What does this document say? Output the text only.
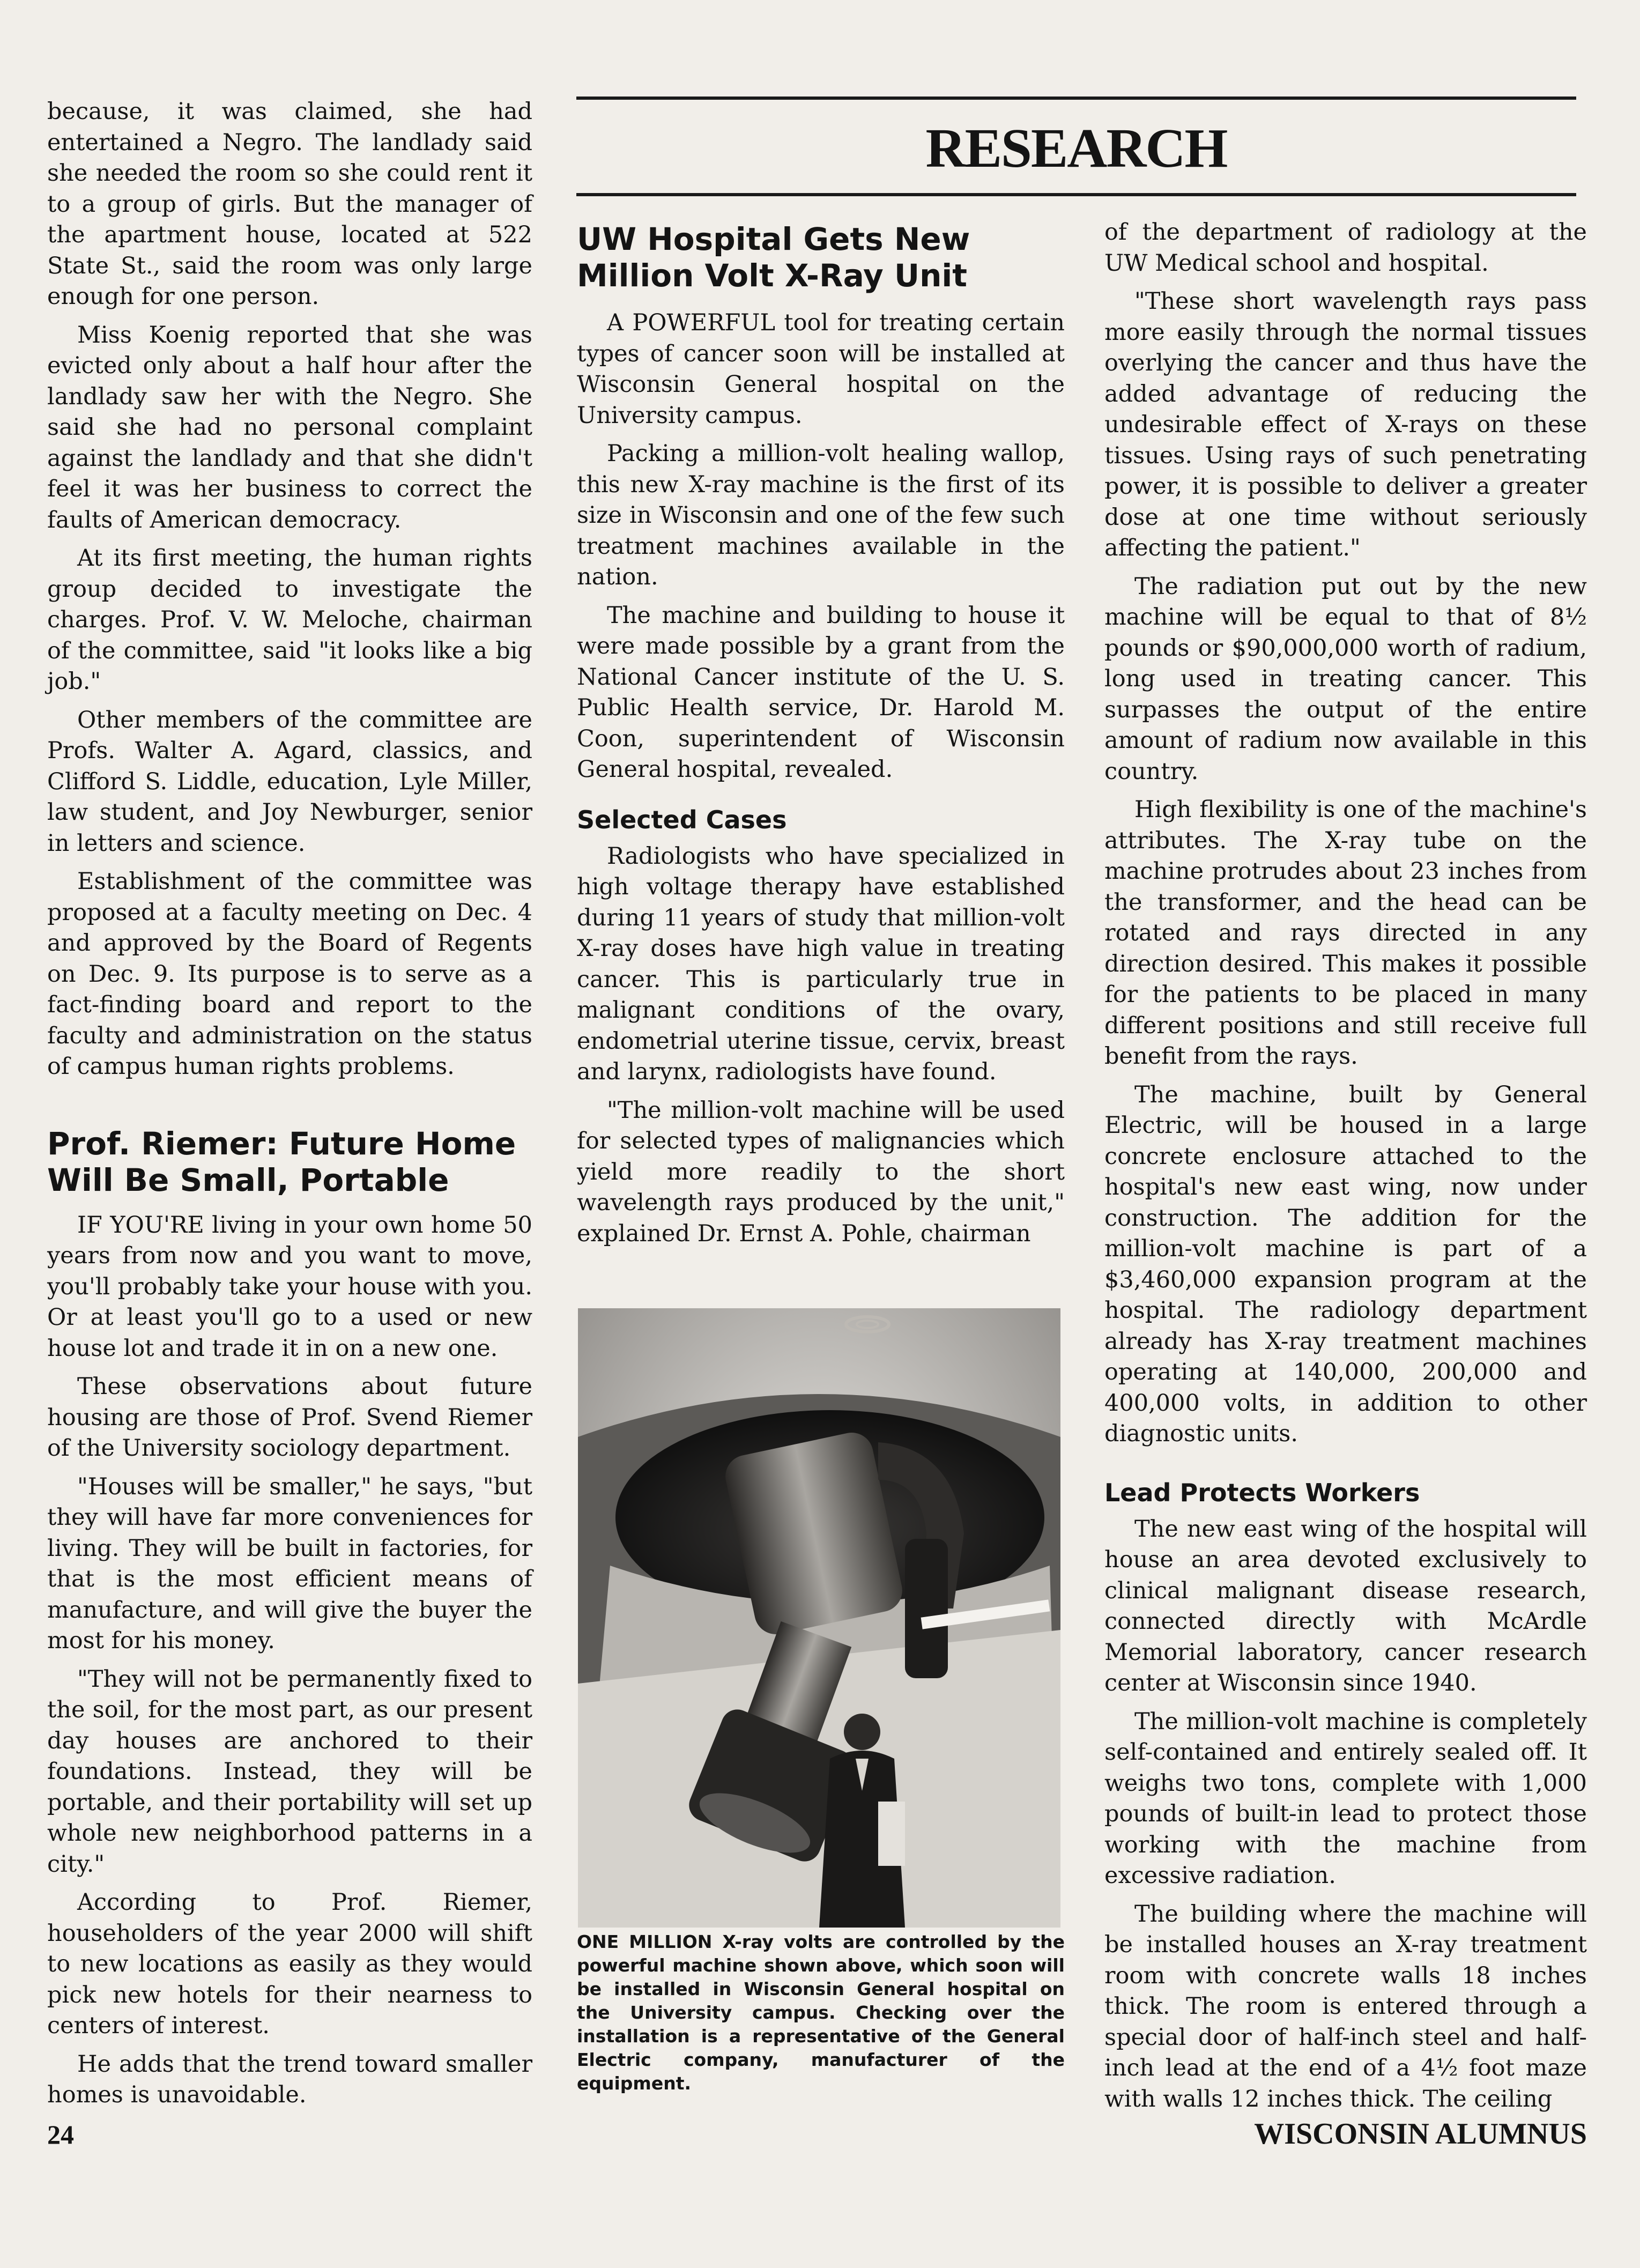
because, it was claimed, she had entertained a Negro. The landlady said she needed the room so she could rent it to a group of girls. But the manager of the apartment house, located at 522 State St., said the room was only large enough for one person.

Miss Koenig reported that she was evicted only about a half hour after the landlady saw her with the Negro. She said she had no personal complaint against the landlady and that she didn't feel it was her business to correct the faults of American democracy.

At its first meeting, the human rights group decided to investigate the charges. Prof. V. W. Meloche, chairman of the committee, said "it looks like a big job."

Other members of the committee are Profs. Walter A. Agard, classics, and Clifford S. Liddle, education, Lyle Miller, law student, and Joy Newburger, senior in letters and science.

Establishment of the committee was proposed at a faculty meeting on Dec. 4 and approved by the Board of Regents on Dec. 9. Its purpose is to serve as a fact-finding board and report to the faculty and administration on the status of campus human rights problems.

Prof. Riemer: Future Home Will Be Small, Portable

IF YOU'RE living in your own home 50 years from now and you want to move, you'll probably take your house with you. Or at least you'll go to a used or new house lot and trade it in on a new one.

These observations about future housing are those of Prof. Svend Riemer of the University sociology department.

"Houses will be smaller," he says, "but they will have far more conveniences for living. They will be built in factories, for that is the most efficient means of manufacture, and will give the buyer the most for his money.

"They will not be permanently fixed to the soil, for the most part, as our present day houses are anchored to their foundations. Instead, they will be portable, and their portability will set up whole new neighborhood patterns in a city."

According to Prof. Riemer, householders of the year 2000 will shift to new locations as easily as they would pick new hotels for their nearness to centers of interest.

He adds that the trend toward smaller homes is unavoidable.

RESEARCH
UW Hospital Gets New Million Volt X-Ray Unit

A POWERFUL tool for treating certain types of cancer soon will be installed at Wisconsin General hospital on the University campus.

Packing a million-volt healing wallop, this new X-ray machine is the first of its size in Wisconsin and one of the few such treatment machines available in the nation.

The machine and building to house it were made possible by a grant from the National Cancer institute of the U. S. Public Health service, Dr. Harold M. Coon, superintendent of Wisconsin General hospital, revealed.

Selected Cases

Radiologists who have specialized in high voltage therapy have established during 11 years of study that million-volt X-ray doses have high value in treating cancer. This is particularly true in malignant conditions of the ovary, endometrial uterine tissue, cervix, breast and larynx, radiologists have found.

"The million-volt machine will be used for selected types of malignancies which yield more readily to the short wavelength rays produced by the unit," explained Dr. Ernst A. Pohle, chairman

ONE MILLION X-ray volts are controlled by the powerful machine shown above, which soon will be installed in Wisconsin General hospital on the University campus. Checking over the installation is a representative of the General Electric company, manufacturer of the equipment.

of the department of radiology at the UW Medical school and hospital.

"These short wavelength rays pass more easily through the normal tissues overlying the cancer and thus have the added advantage of reducing the undesirable effect of X-rays on these tissues. Using rays of such penetrating power, it is possible to deliver a greater dose at one time without seriously affecting the patient."

The radiation put out by the new machine will be equal to that of 8½ pounds or $90,000,000 worth of radium, long used in treating cancer. This surpasses the output of the entire amount of radium now available in this country.

High flexibility is one of the machine's attributes. The X-ray tube on the machine protrudes about 23 inches from the transformer, and the head can be rotated and rays directed in any direction desired. This makes it possible for the patients to be placed in many different positions and still receive full benefit from the rays.

The machine, built by General Electric, will be housed in a large concrete enclosure attached to the hospital's new east wing, now under construction. The addition for the million-volt machine is part of a $3,460,000 expansion program at the hospital. The radiology department already has X-ray treatment machines operating at 140,000, 200,000 and 400,000 volts, in addition to other diagnostic units.

Lead Protects Workers

The new east wing of the hospital will house an area devoted exclusively to clinical malignant disease research, connected directly with McArdle Memorial laboratory, cancer research center at Wisconsin since 1940.

The million-volt machine is completely self-contained and entirely sealed off. It weighs two tons, complete with 1,000 pounds of built-in lead to protect those working with the machine from excessive radiation.

The building where the machine will be installed houses an X-ray treatment room with concrete walls 18 inches thick. The room is entered through a special door of half-inch steel and half-inch lead at the end of a 4½ foot maze with walls 12 inches thick. The ceiling

24	WISCONSIN ALUMNUS
